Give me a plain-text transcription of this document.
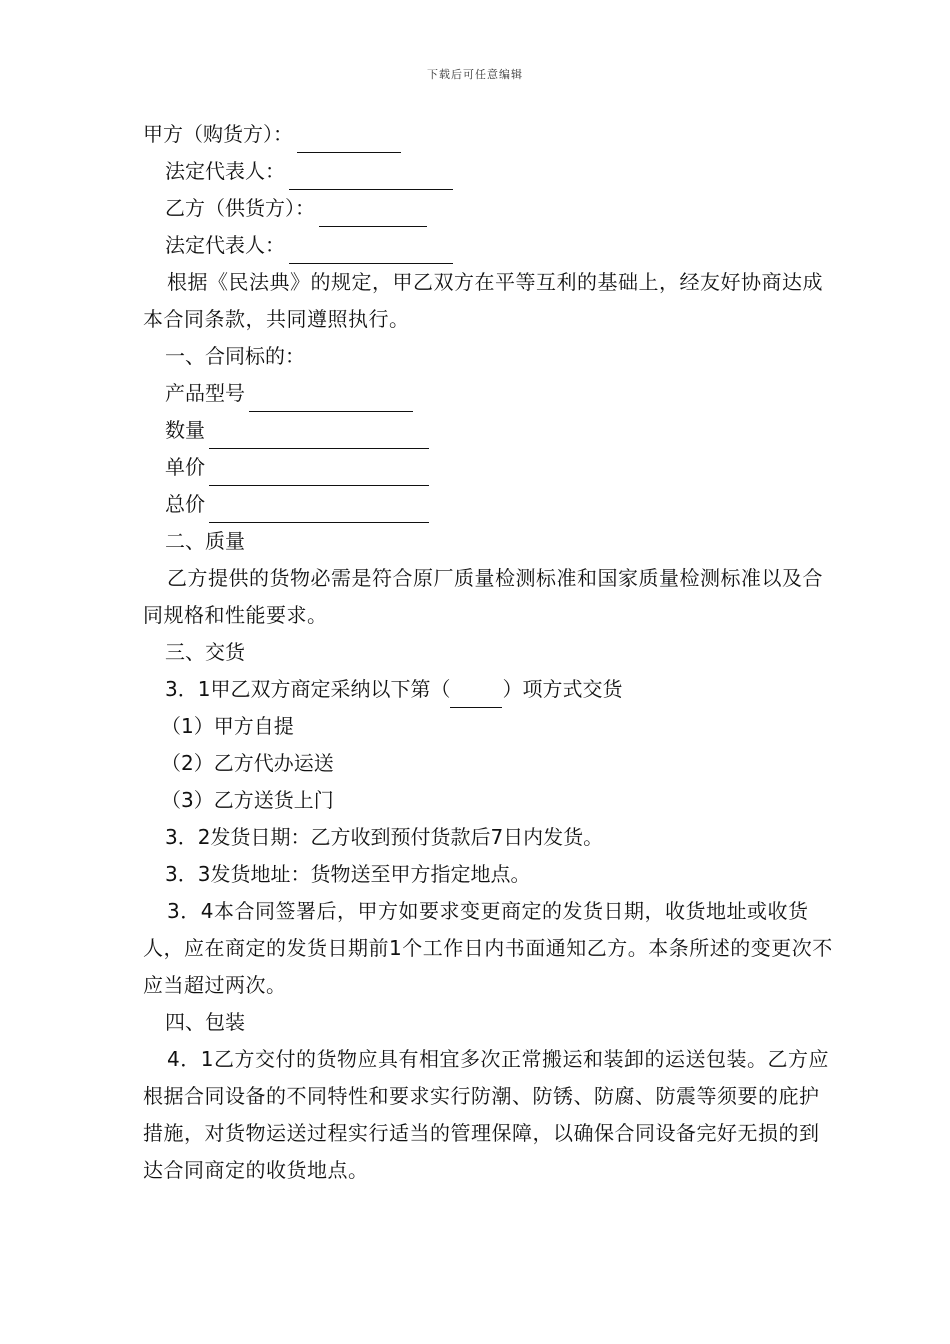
下载后可任意编辑
甲方（购货方）：
法定代表人：
乙方（供货方）：
法定代表人：
根据《民法典》的规定，甲乙双方在平等互利的基础上，经友好协商达成本合同条款，共同遵照执行。
一、合同标的：
产品型号
数量
单价
总价
二、质量
乙方提供的货物必需是符合原厂质量检测标准和国家质量检测标准以及合同规格和性能要求。
三、交货
3．1甲乙双方商定采纳以下第（	）项方式交货
（1）甲方自提
（2）乙方代办运送
（3）乙方送货上门
3．2发货日期：乙方收到预付货款后7日内发货。
3．3发货地址：货物送至甲方指定地点。
3．4本合同签署后，甲方如要求变更商定的发货日期，收货地址或收货人，应在商定的发货日期前1个工作日内书面通知乙方。本条所述的变更次不应当超过两次。
四、包装
4．1乙方交付的货物应具有相宜多次正常搬运和装卸的运送包装。乙方应根据合同设备的不同特性和要求实行防潮、防锈、防腐、防震等须要的庇护措施，对货物运送过程实行适当的管理保障，以确保合同设备完好无损的到达合同商定的收货地点。
